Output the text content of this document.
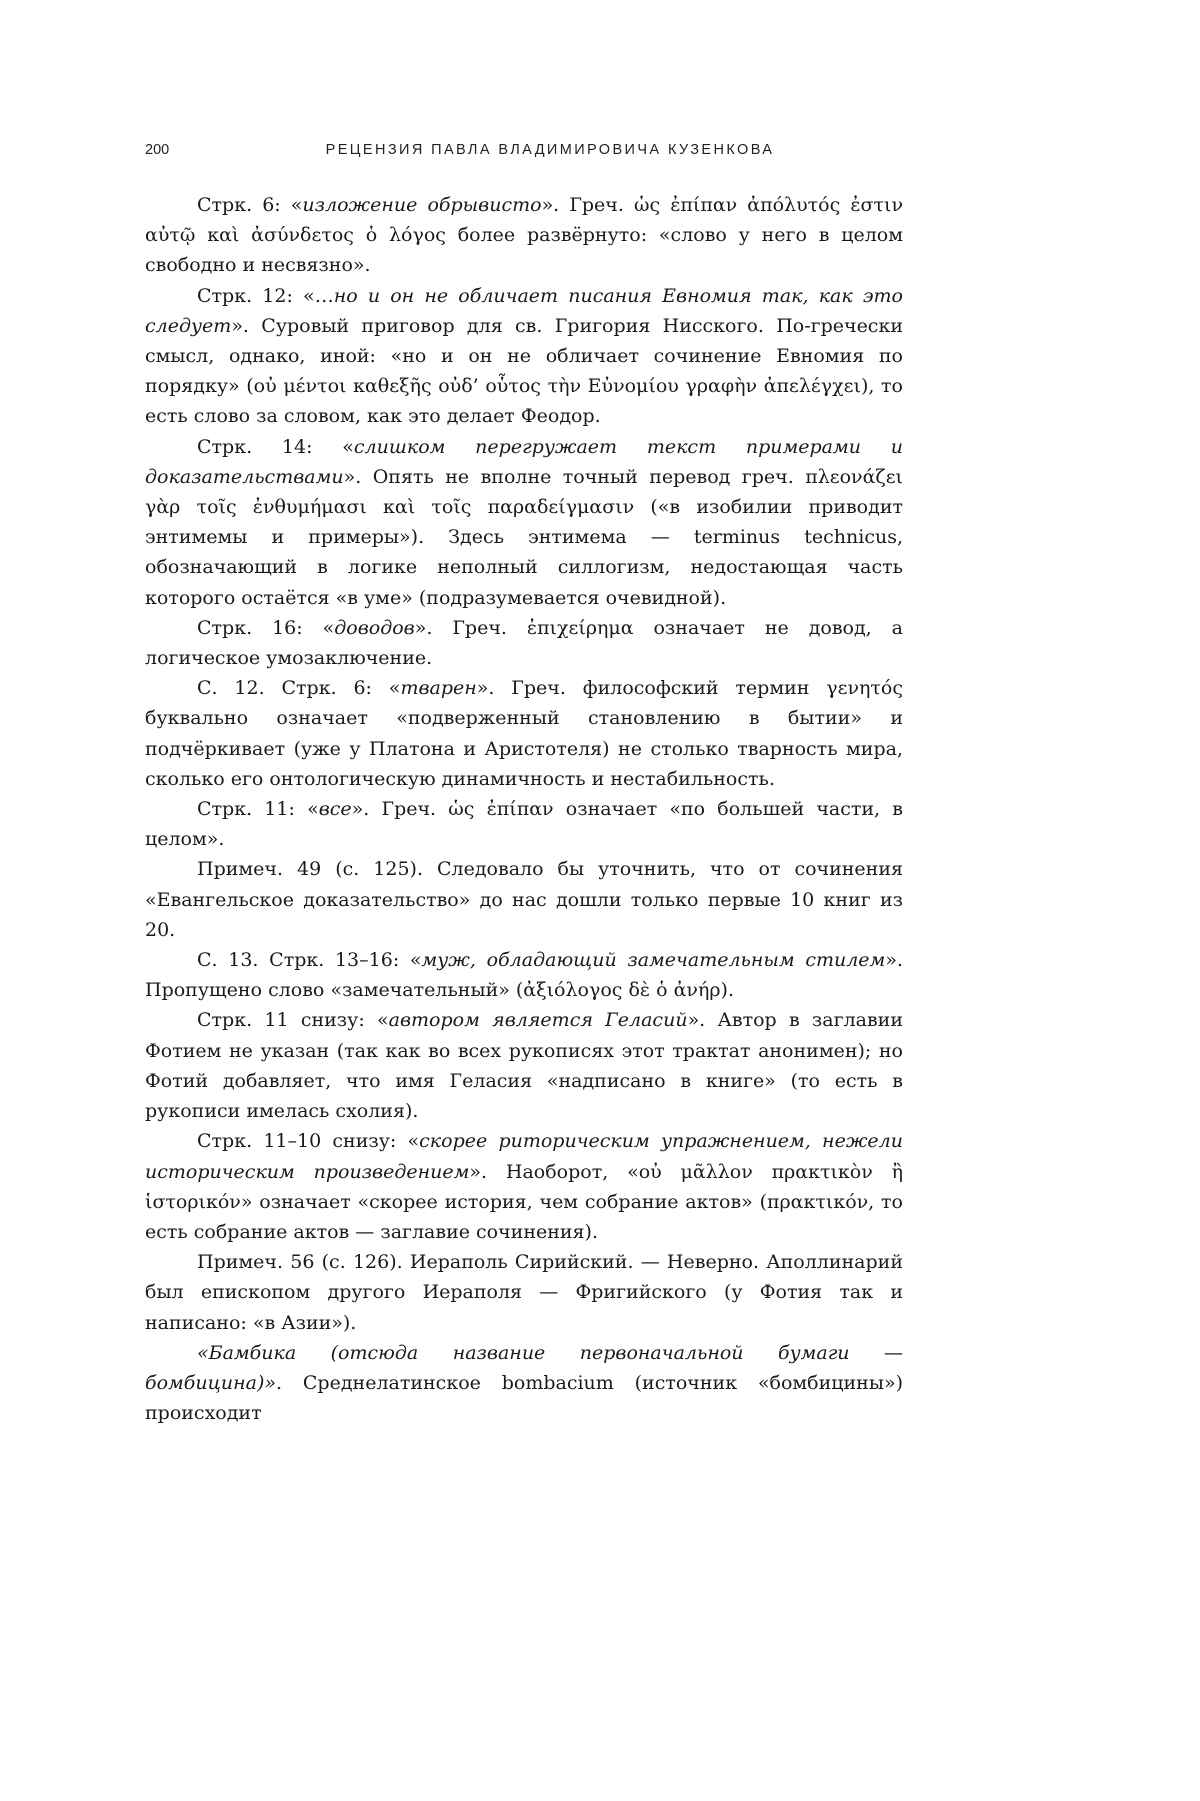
200	РЕЦЕНЗИЯ ПАВЛА ВЛАДИМИРОВИЧА КУЗЕНКОВА

Стрк. 6: «изложение обрывисто». Греч. ὡς ἐπίπαν ἀπόλυτός ἐστιν αὐτῷ καὶ ἀσύνδετος ὁ λόγος более развёрнуто: «слово у него в целом свободно и несвязно».

Стрк. 12: «…но и он не обличает писания Евномия так, как это следует». Суровый приговор для св. Григория Нисского. По-гречески смысл, однако, иной: «но и он не обличает сочинение Евномия по порядку» (οὐ μέντοι καθεξῆς οὐδ’ οὗτος τὴν Εὐνομίου γραφὴν ἀπελέγχει), то есть слово за словом, как это делает Феодор.

Стрк. 14: «слишком перегружает текст примерами и доказательствами». Опять не вполне точный перевод греч. πλεονάζει γὰρ τοῖς ἐνθυμήμασι καὶ τοῖς παραδείγμασιν («в изобилии приводит энтимемы и примеры»). Здесь энтимема — terminus technicus, обозначающий в логике неполный силлогизм, недостающая часть которого остаётся «в уме» (подразумевается очевидной).

Стрк. 16: «доводов». Греч. ἐπιχείρημα означает не довод, а логическое умозаключение.

С. 12. Стрк. 6: «тварен». Греч. философский термин γενητός буквально означает «подверженный становлению в бытии» и подчёркивает (уже у Платона и Аристотеля) не столько тварность мира, сколько его онтологическую динамичность и нестабильность.

Стрк. 11: «все». Греч. ὡς ἐπίπαν означает «по большей части, в целом».

Примеч. 49 (с. 125). Следовало бы уточнить, что от сочинения «Евангельское доказательство» до нас дошли только первые 10 книг из 20.

С. 13. Стрк. 13–16: «муж, обладающий замечательным стилем». Пропущено слово «замечательный» (ἀξιόλογος δὲ ὁ ἀνήρ).

Стрк. 11 снизу: «автором является Геласий». Автор в заглавии Фотием не указан (так как во всех рукописях этот трактат анонимен); но Фотий добавляет, что имя Геласия «надписано в книге» (то есть в рукописи имелась схолия).

Стрк. 11–10 снизу: «скорее риторическим упражнением, нежели историческим произведением». Наоборот, «οὐ μᾶλλον πρακτικὸν ἢ ἱστορικόν» означает «скорее история, чем собрание актов» (πρακτικόν, то есть собрание актов — заглавие сочинения).

Примеч. 56 (с. 126). Иераполь Сирийский. — Неверно. Аполлинарий был епископом другого Иераполя — Фригийского (у Фотия так и написано: «в Азии»).

«Бамбика (отсюда название первоначальной бумаги — бомбицина)». Среднелатинское bombacium (источник «бомбицины») происходит
